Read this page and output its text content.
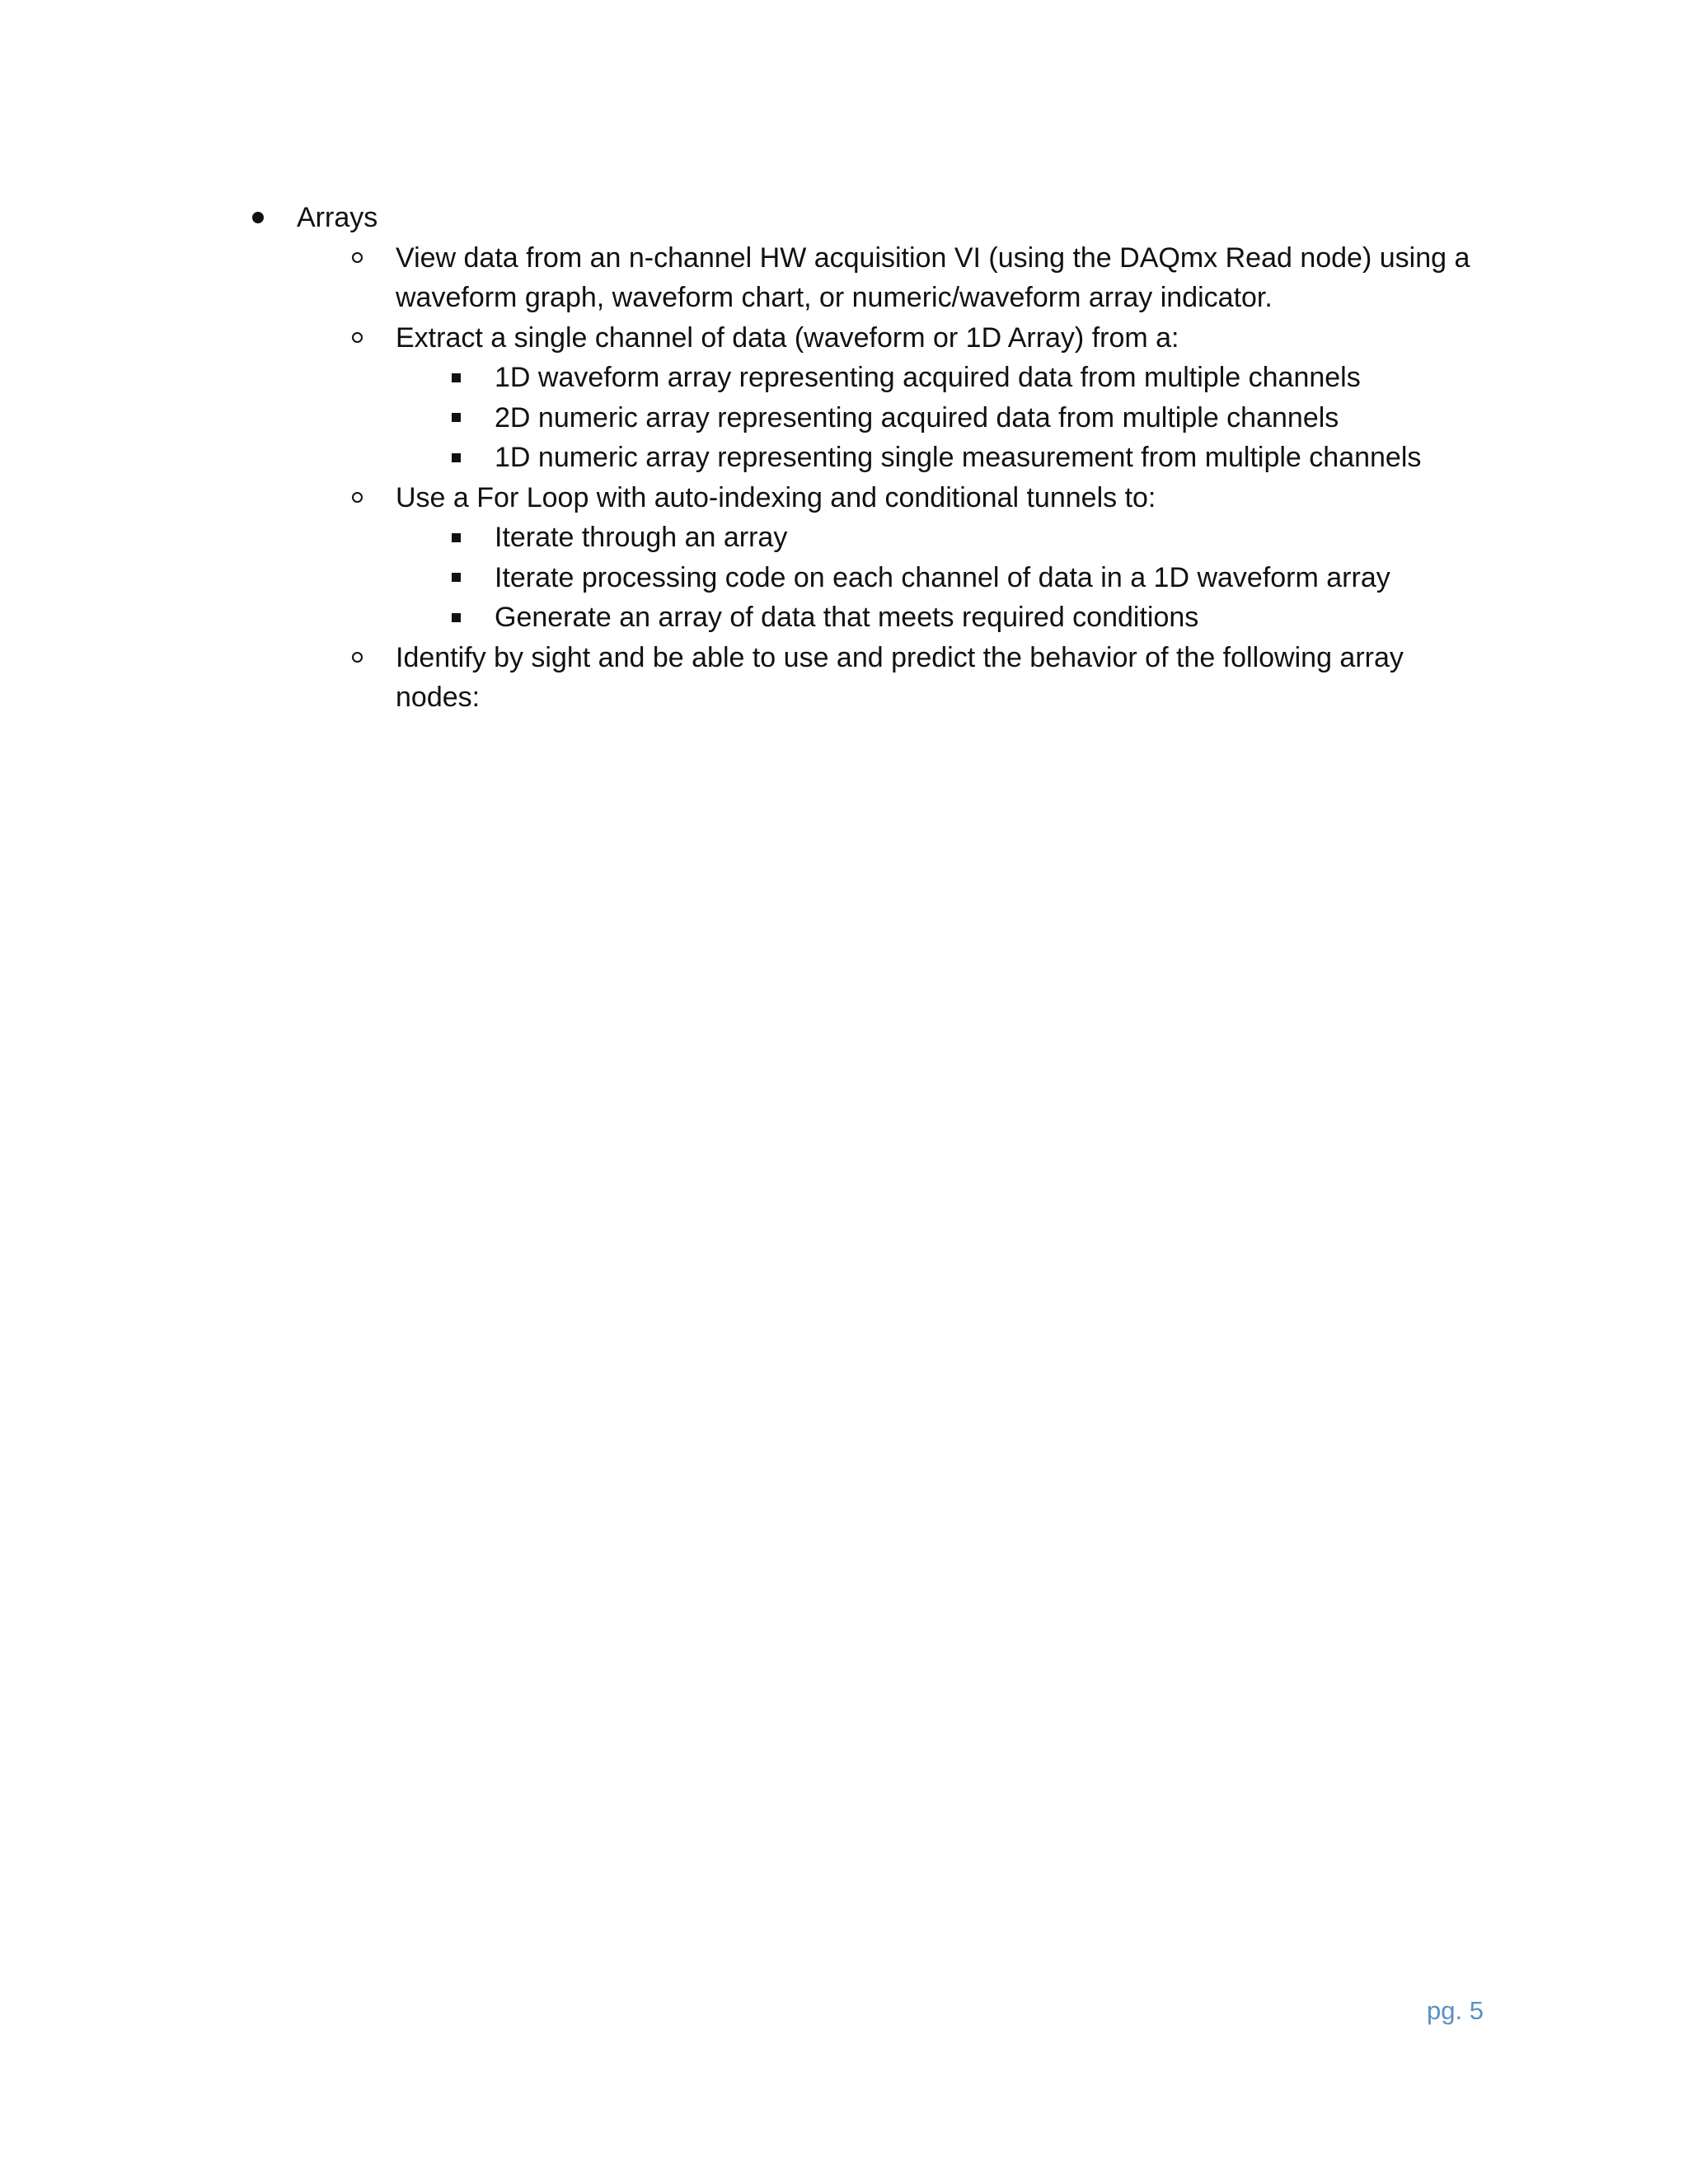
Arrays
View data from an n-channel HW acquisition VI (using the DAQmx Read node) using a waveform graph, waveform chart, or numeric/waveform array indicator.
Extract a single channel of data (waveform or 1D Array) from a:
1D waveform array representing acquired data from multiple channels
2D numeric array representing acquired data from multiple channels
1D numeric array representing single measurement from multiple channels
Use a For Loop with auto-indexing and conditional tunnels to:
Iterate through an array
Iterate processing code on each channel of data in a 1D waveform array
Generate an array of data that meets required conditions
Identify by sight and be able to use and predict the behavior of the following array nodes:
pg. 5
